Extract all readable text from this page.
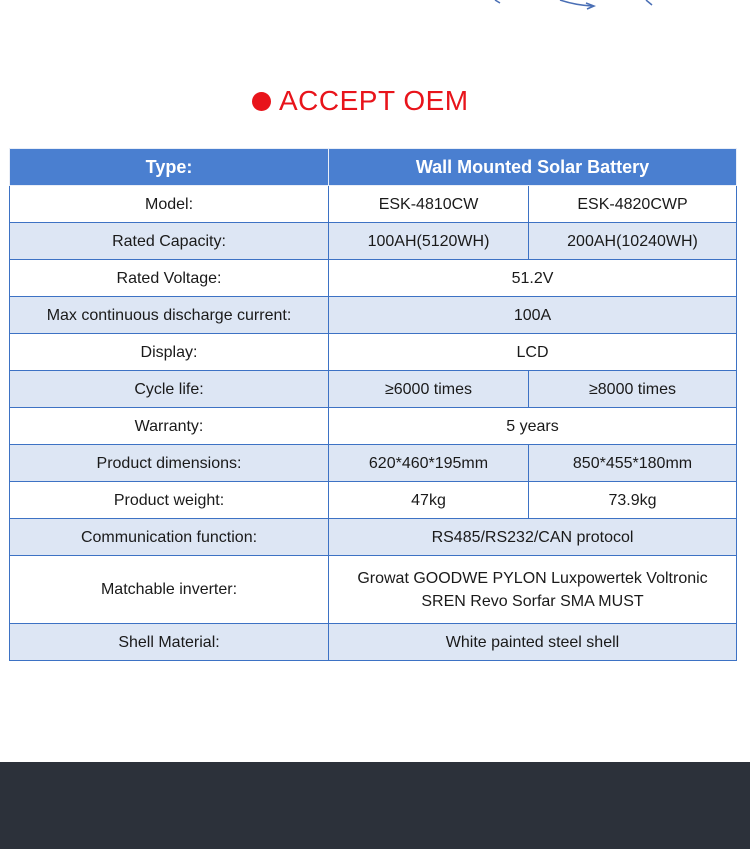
ACCEPT OEM
Type:	Wall Mounted Solar Battery	
Model:	ESK-4810CW	ESK-4820CWP
Rated Capacity:	100AH(5120WH)	200AH(10240WH)
Rated Voltage:	51.2V	
Max continuous discharge current:	100A	
Display:	LCD	
Cycle life:	≥6000 times	≥8000 times
Warranty:	5 years	
Product dimensions:	620*460*195mm	850*455*180mm
Product weight:	47kg	73.9kg
Communication function:	RS485/RS232/CAN protocol	
Matchable inverter:	Growat GOODWE PYLON Luxpowertek Voltronic
SREN Revo Sorfar SMA MUST	

Shell Material:	White painted steel shell	
